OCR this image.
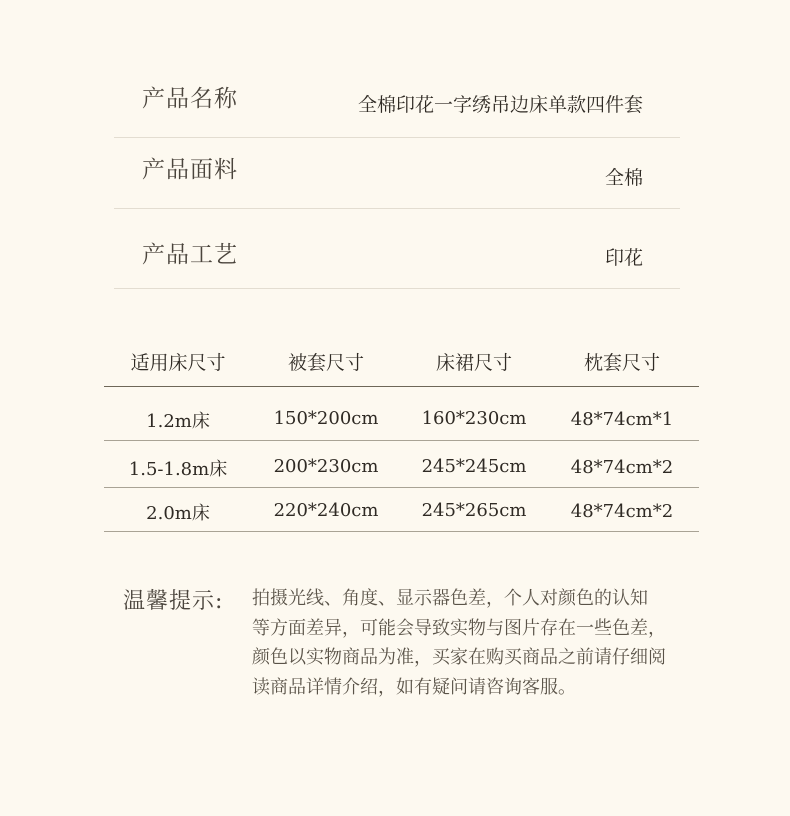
产品名称	全棉印花一字绣吊边床单款四件套
产品面料	全棉
产品工艺	印花
适用床尺寸	被套尺寸	床裙尺寸	枕套尺寸
1.2m床	150*200cm	160*230cm	48*74cm*1
1.5-1.8m床	200*230cm	245*245cm	48*74cm*2
2.0m床	220*240cm	245*265cm	48*74cm*2
温馨提示: 拍摄光线、角度、显示器色差，个人对颜色的认知
等方面差异，可能会导致实物与图片存在一些色差，
颜色以实物商品为准，买家在购买商品之前请仔细阅
读商品详情介绍，如有疑问请咨询客服。
